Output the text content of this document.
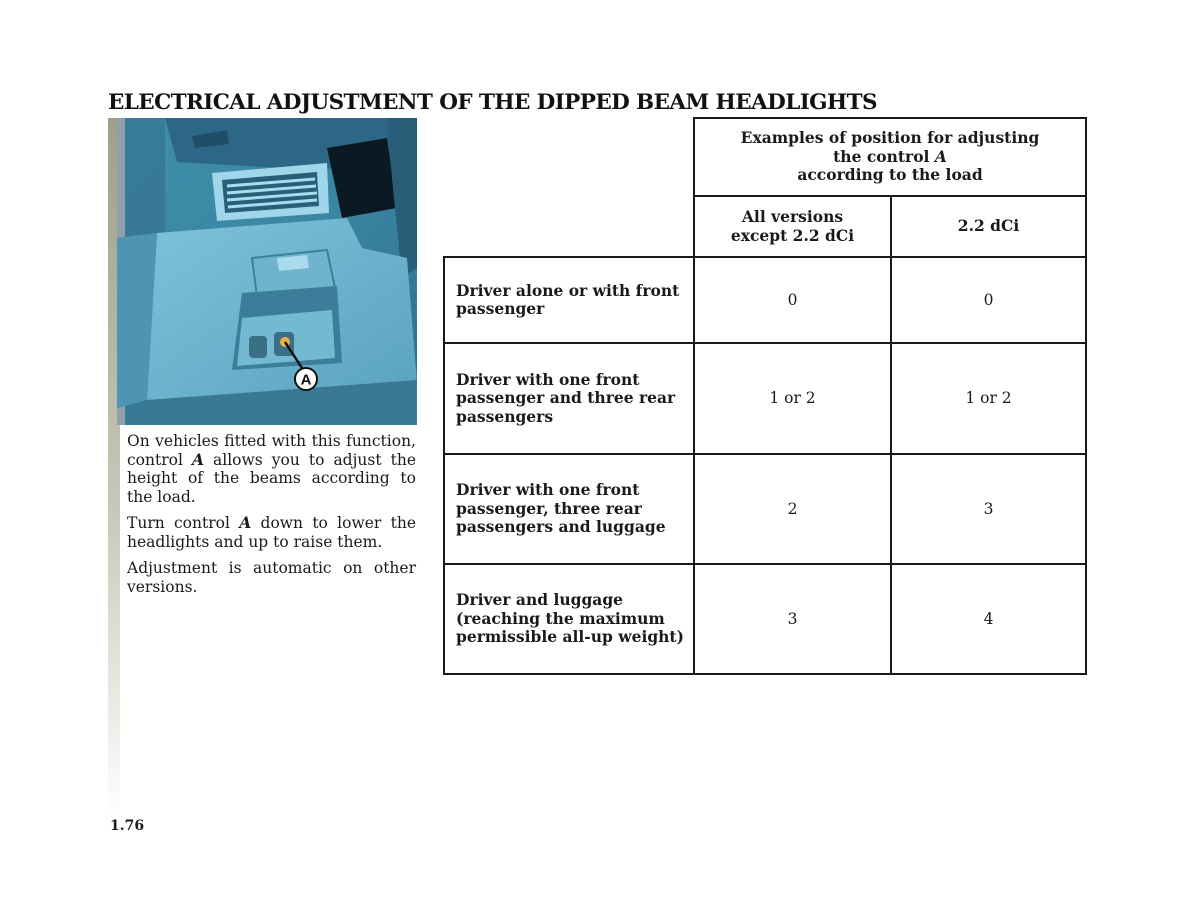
ELECTRICAL ADJUSTMENT OF THE DIPPED BEAM HEADLIGHTS
A

On vehicles fitted with this function, control A allows you to adjust the height of the beams according to the load.

Turn control A down to lower the headlights and up to raise them.

Adjustment is automatic on other versions.

	Examples of position for adjusting
the control A
according to the load	
	All versions
except 2.2 dCi	2.2 dCi
Driver alone or with front
passenger	0	0
Driver with one front
passenger and three rear
passengers	1 or 2	1 or 2
Driver with one front
passenger, three rear
passengers and luggage	2	3
Driver and luggage
(reaching the maximum
permissible all-up weight)	3	4
1.76
